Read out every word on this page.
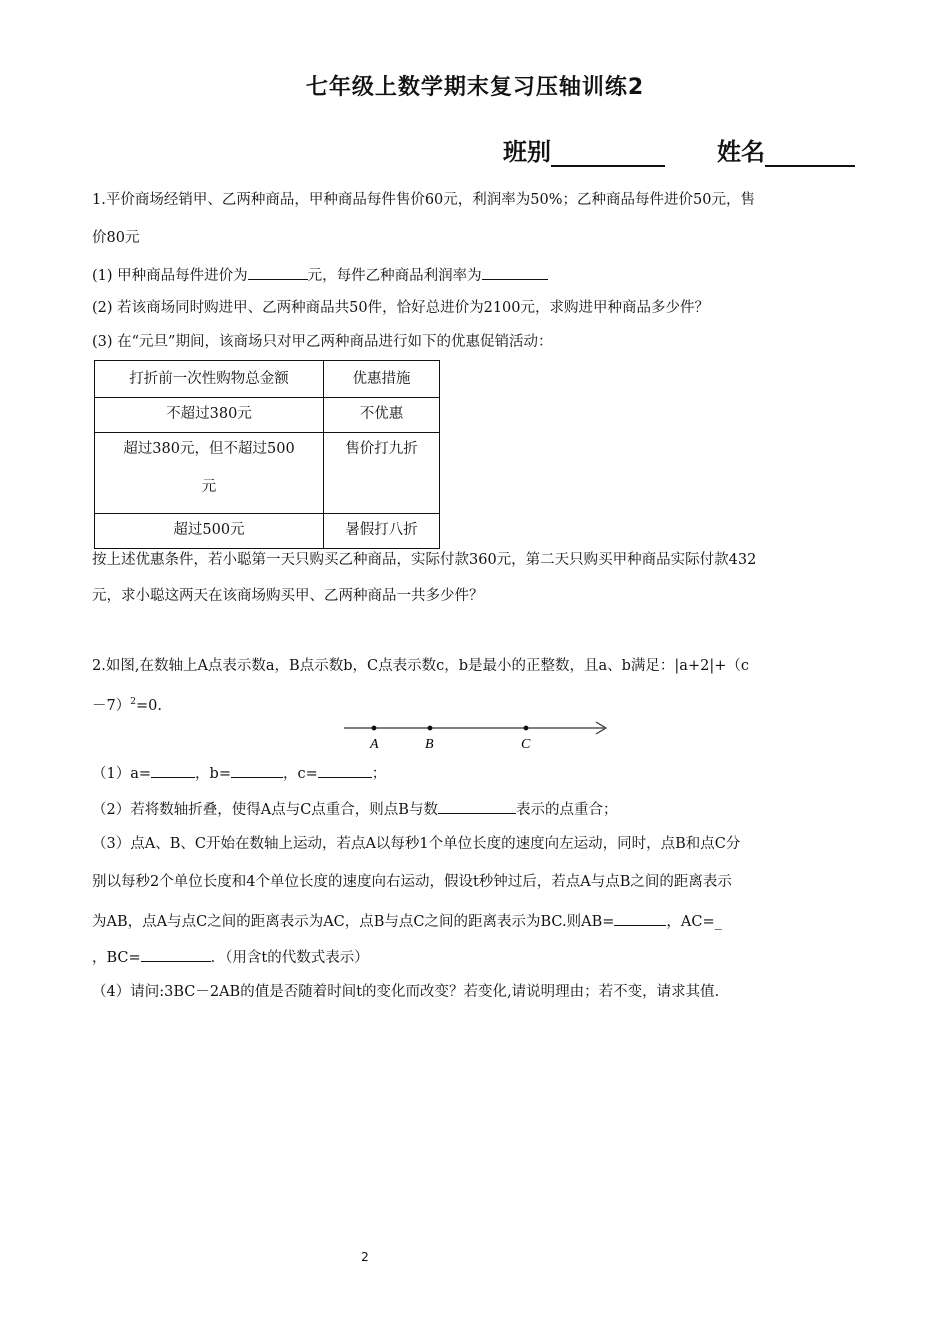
七年级上数学期末复习压轴训练2
班别	姓名
1.平价商场经销甲、乙两种商品，甲种商品每件售价60元，利润率为50%；乙种商品每件进价50元，售
价80元
(1) 甲种商品每件进价为	元，每件乙种商品利润率为
(2) 若该商场同时购进甲、乙两种商品共50件，恰好总进价为2100元，求购进甲种商品多少件？
(3) 在“元旦”期间，该商场只对甲乙两种商品进行如下的优惠促销活动：
打折前一次性购物总金额	优惠措施
不超过380元	不优惠

超过380元，但不超过500
元	售价打九折
超过500元	暑假打八折
按上述优惠条件，若小聪第一天只购买乙种商品，实际付款360元，第二天只购买甲种商品实际付款432
元，求小聪这两天在该商场购买甲、乙两种商品一共多少件？
2.如图,在数轴上A点表示数a，B点示数b，C点表示数c，b是最小的正整数，且a、b满足：|a+2|+（c
－7）$^2$=0.
A	B	C
（1）a=	，b=	，c=	；
（2）若将数轴折叠，使得A点与C点重合，则点B与数	表示的点重合；
（3）点A、B、C开始在数轴上运动，若点A以每秒1个单位长度的速度向左运动，同时，点B和点C分
别以每秒2个单位长度和4个单位长度的速度向右运动，假设t秒钟过后，若点A与点B之间的距离表示
为AB，点A与点C之间的距离表示为AC，点B与点C之间的距离表示为BC.则AB=	，AC=_
，BC=	．（用含t的代数式表示）
（4）请问:3BC－2AB的值是否随着时间t的变化而改变？若变化,请说明理由；若不变，请求其值.
2
